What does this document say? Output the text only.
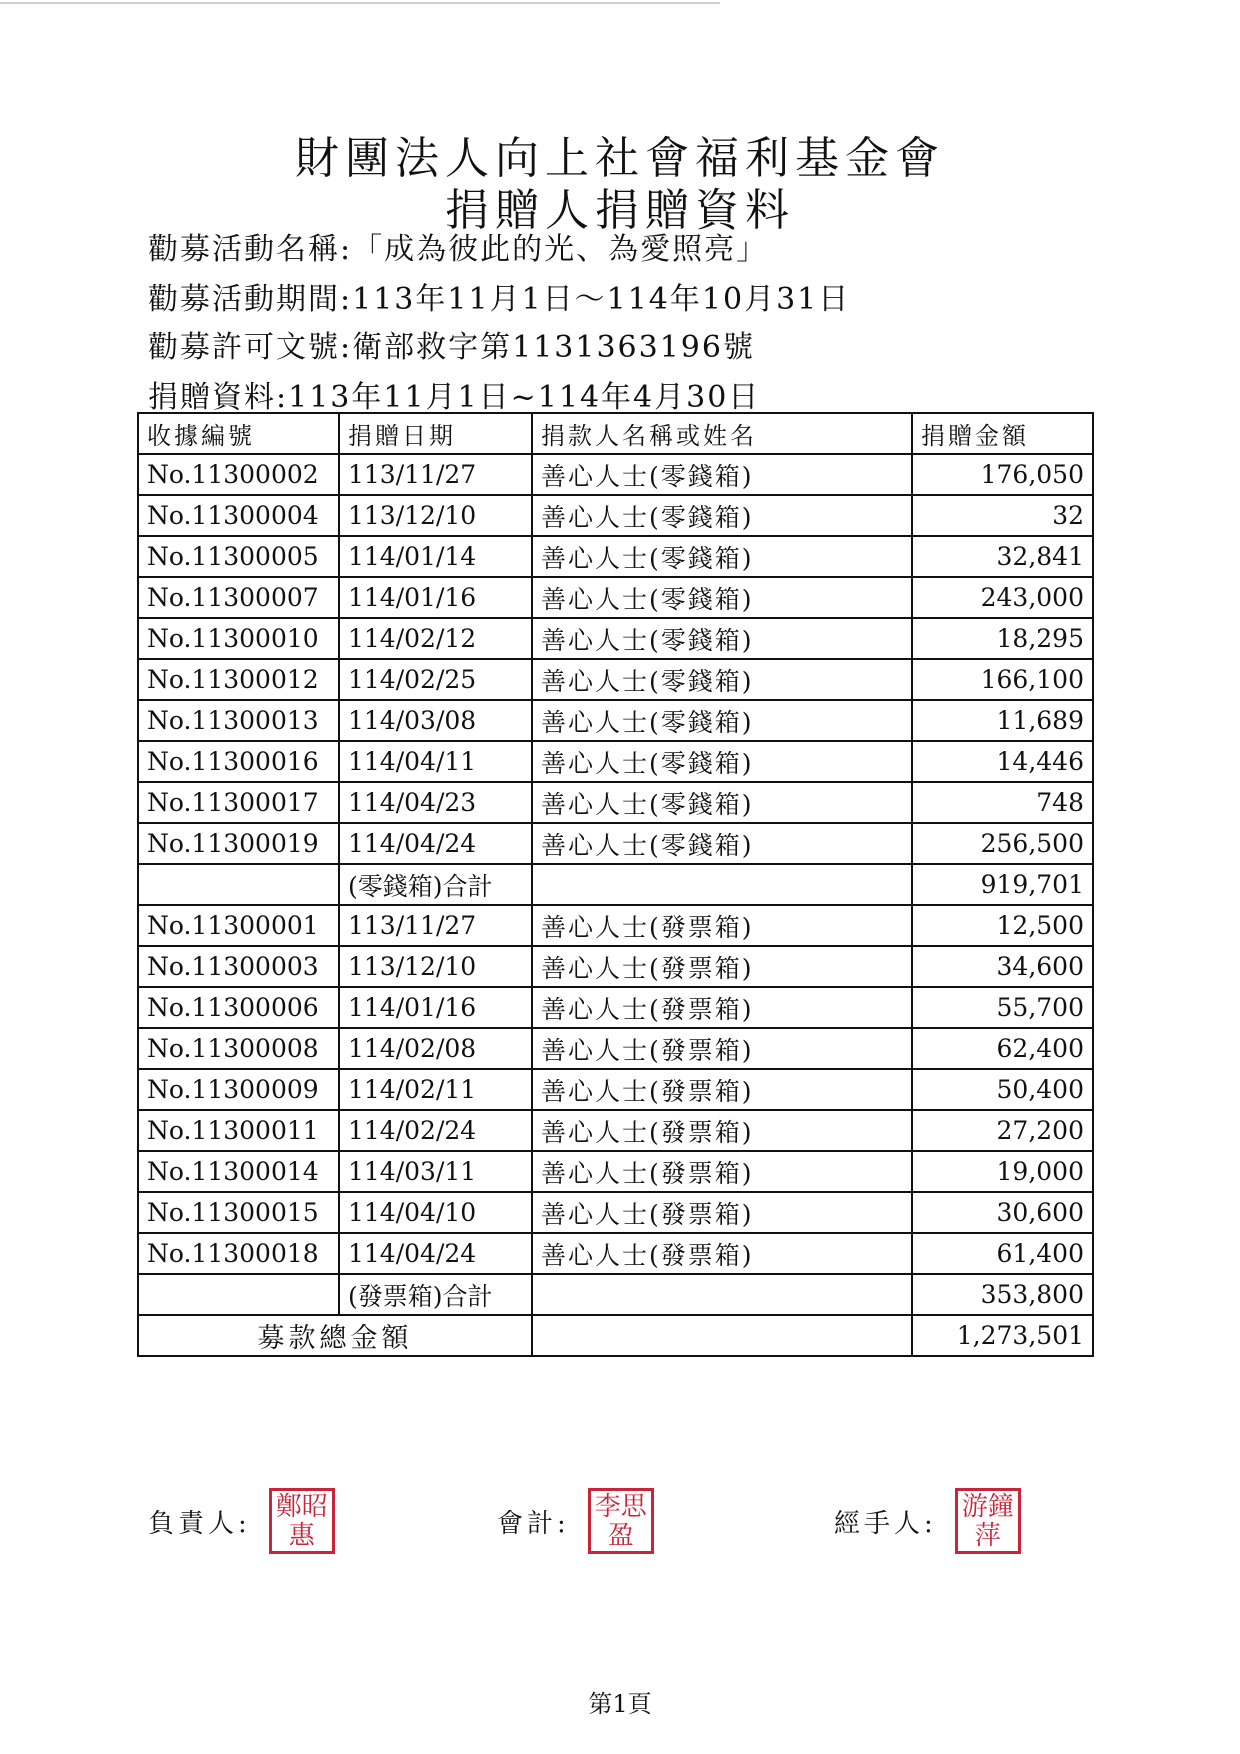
財團法人向上社會福利基金會
捐贈人捐贈資料
勸募活動名稱:「成為彼此的光、為愛照亮」
勸募活動期間:113年11月1日～114年10月31日
勸募許可文號:衛部救字第1131363196號
捐贈資料:113年11月1日~114年4月30日
收據編號	捐贈日期	捐款人名稱或姓名	捐贈金額
No.11300002	113/11/27	善心人士(零錢箱)	176,050
No.11300004	113/12/10	善心人士(零錢箱)	32
No.11300005	114/01/14	善心人士(零錢箱)	32,841
No.11300007	114/01/16	善心人士(零錢箱)	243,000
No.11300010	114/02/12	善心人士(零錢箱)	18,295
No.11300012	114/02/25	善心人士(零錢箱)	166,100
No.11300013	114/03/08	善心人士(零錢箱)	11,689
No.11300016	114/04/11	善心人士(零錢箱)	14,446
No.11300017	114/04/23	善心人士(零錢箱)	748
No.11300019	114/04/24	善心人士(零錢箱)	256,500
	(零錢箱)合計		919,701
No.11300001	113/11/27	善心人士(發票箱)	12,500
No.11300003	113/12/10	善心人士(發票箱)	34,600
No.11300006	114/01/16	善心人士(發票箱)	55,700
No.11300008	114/02/08	善心人士(發票箱)	62,400
No.11300009	114/02/11	善心人士(發票箱)	50,400
No.11300011	114/02/24	善心人士(發票箱)	27,200
No.11300014	114/03/11	善心人士(發票箱)	19,000
No.11300015	114/04/10	善心人士(發票箱)	30,600
No.11300018	114/04/24	善心人士(發票箱)	61,400
	(發票箱)合計		353,800
募款總金額			1,273,501
負責人:鄭昭惠	會計:李思盈	經手人:游鐘萍
第1頁
